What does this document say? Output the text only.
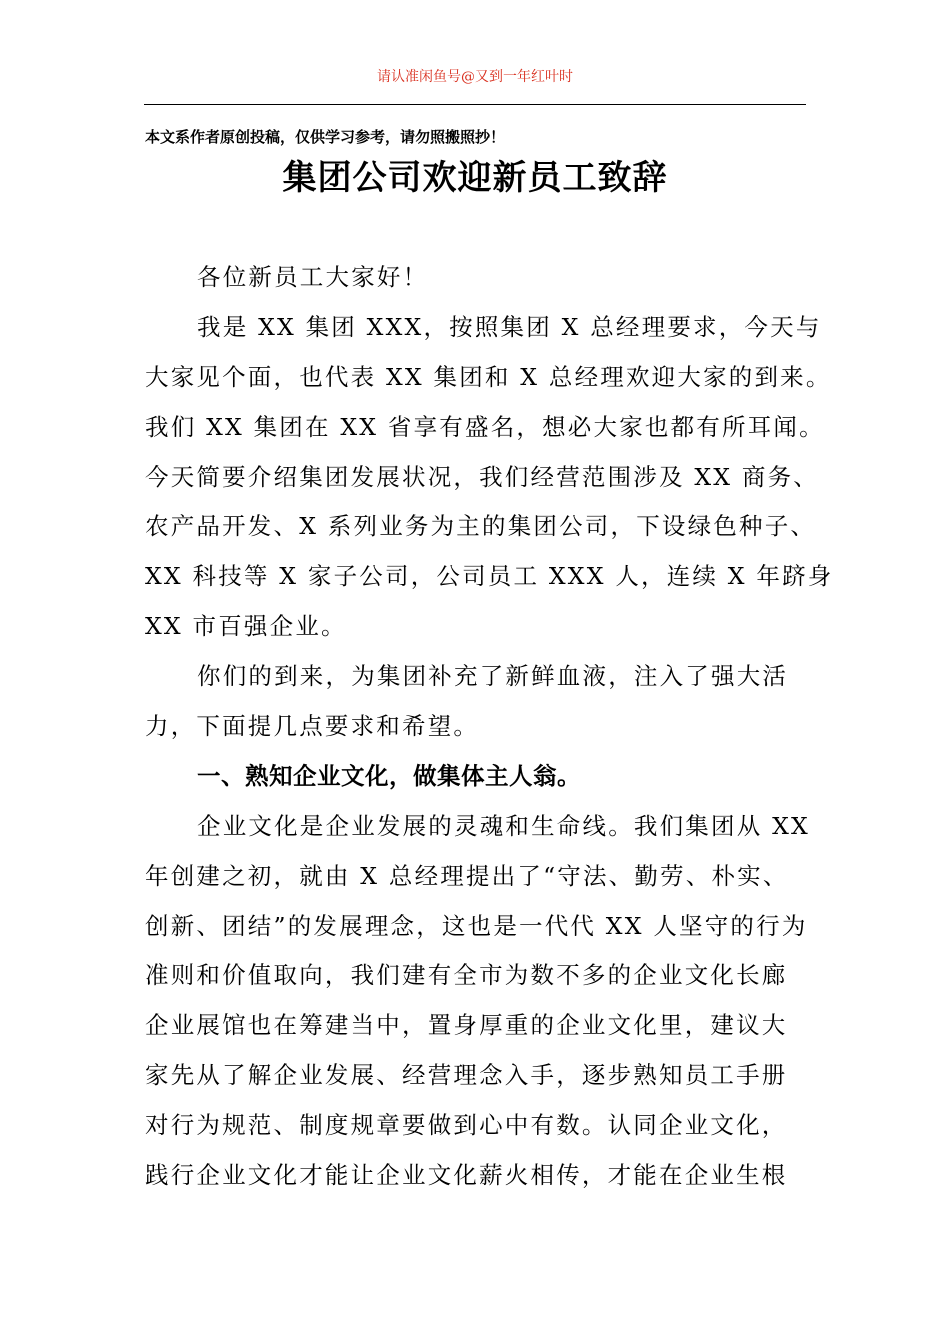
请认准闲鱼号@又到一年红叶时
本文系作者原创投稿，仅供学习参考，请勿照搬照抄！
集团公司欢迎新员工致辞
各位新员工大家好！
我是 XX 集团 XXX，按照集团 X 总经理要求，今天与
大家见个面，也代表 XX 集团和 X 总经理欢迎大家的到来。
我们 XX 集团在 XX 省享有盛名，想必大家也都有所耳闻。
今天简要介绍集团发展状况，我们经营范围涉及 XX 商务、
农产品开发、X 系列业务为主的集团公司，下设绿色种子、
XX 科技等 X 家子公司，公司员工 XXX 人，连续 X 年跻身
XX 市百强企业。
你们的到来，为集团补充了新鲜血液，注入了强大活
力，下面提几点要求和希望。
一、熟知企业文化，做集体主人翁。
企业文化是企业发展的灵魂和生命线。我们集团从 XX
年创建之初，就由 X 总经理提出了“守法、勤劳、朴实、
创新、团结”的发展理念，这也是一代代 XX 人坚守的行为
准则和价值取向，我们建有全市为数不多的企业文化长廊
企业展馆也在筹建当中，置身厚重的企业文化里，建议大
家先从了解企业发展、经营理念入手，逐步熟知员工手册
对行为规范、制度规章要做到心中有数。认同企业文化，
践行企业文化才能让企业文化薪火相传，才能在企业生根
